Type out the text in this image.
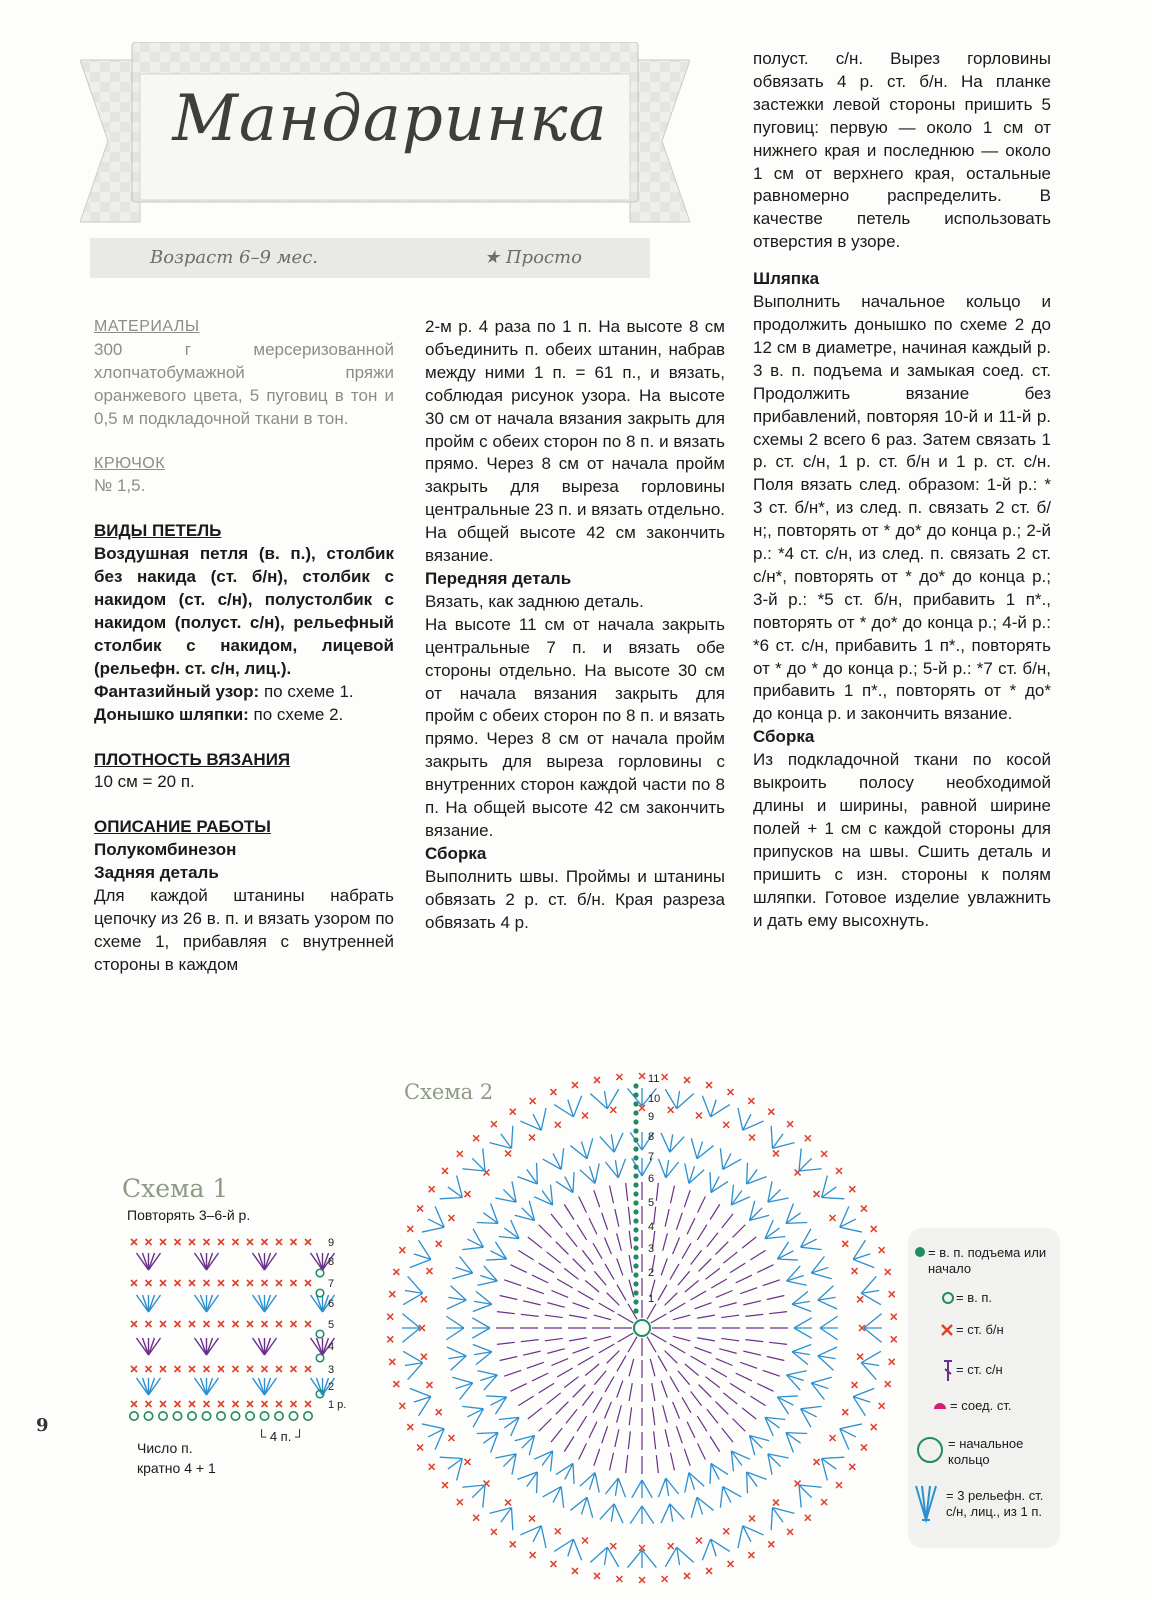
Мандаринка
Возраст 6–9 мес.	★ Просто

МАТЕРИАЛЫ

300 г мерсеризованной хлопчатобумажной пряжи оранжевого цвета, 5 пуговиц в тон и 0,5 м подкладочной ткани в тон.

КРЮЧОК

№ 1,5.

ВИДЫ ПЕТЕЛЬ

Воздушная петля (в. п.), столбик без накида (ст. б/н), столбик с накидом (ст. с/н), полустолбик с накидом (полуст. с/н), рельефный столбик с накидом, лицевой (рельефн. ст. с/н, лиц.).

Фантазийный узор: по схеме 1.

Донышко шляпки: по схеме 2.

ПЛОТНОСТЬ ВЯЗАНИЯ

10 см = 20 п.

ОПИСАНИЕ РАБОТЫ

Полукомбинезон

Задняя деталь

Для каждой штанины набрать цепочку из 26 в. п. и вязать узором по схеме 1, прибавляя с внутренней стороны в каждом

2-м р. 4 раза по 1 п. На высоте 8 см объединить п. обеих штанин, набрав между ними 1 п. = 61 п., и вязать, соблюдая рисунок узора. На высоте 30 см от начала вязания закрыть для пройм с обеих сторон по 8 п. и вязать прямо. Через 8 см от начала пройм закрыть для выреза горловины центральные 23 п. и вязать отдельно. На общей высоте 42 см закончить вязание.

Передняя деталь

Вязать, как заднюю деталь.

На высоте 11 см от начала закрыть центральные 7 п. и вязать обе стороны отдельно. На высоте 30 см от начала вязания закрыть для пройм с обеих сторон по 8 п. и вязать прямо. Через 8 см от начала пройм закрыть для выреза горловины с внутренних сторон каждой части по 8 п. На общей высоте 42 см закончить вязание.

Сборка

Выполнить швы. Проймы и штанины обвязать 2 р. ст. б/н. Края разреза обвязать 4 р.

полуст. с/н. Вырез горловины обвязать 4 р. ст. б/н. На планке застежки левой стороны пришить 5 пуговиц: первую — около 1 см от нижнего края и последнюю — около 1 см от верхнего края, остальные равномерно распределить. В качестве петель использовать отверстия в узоре.

Шляпка

Выполнить начальное кольцо и продолжить донышко по схеме 2 до 12 см в диаметре, начиная каждый р. 3 в. п. подъема и замыкая соед. ст. Продолжить вязание без прибавлений, повторяя 10-й и 11-й р. схемы 2 всего 6 раз. Затем связать 1 р. ст. с/н, 1 р. ст. б/н и 1 р. ст. с/н. Поля вязать след. образом: 1-й р.: * 3 ст. б/н*, из след. п. связать 2 ст. б/н;, повторять от * до* до конца р.; 2-й р.: *4 ст. с/н, из след. п. связать 2 ст. с/н*, повторять от * до* до конца р.; 3-й р.: *5 ст. б/н, прибавить 1 п*., повторять от * до* до конца р.; 4-й р.: *6 ст. с/н, прибавить 1 п*., повторять от * до * до конца р.; 5-й р.: *7 ст. б/н, прибавить 1 п*., повторять от * до* до конца р. и закончить вязание.

Сборка

Из подкладочной ткани по косой выкроить полосу необходимой длины и ширины, равной ширине полей + 1 см с каждой стороны для припусков на швы. Сшить деталь и пришить с изн. стороны к полям шляпки. Готовое изделие увлажнить и дать ему высохнуть.

Схема 1
Схема 2
Повторять 3–6-й р.
9
8
7
6
5
4
3
2
1 р.
└ 4 п. ┘
Число п.
кратно 4 + 1
11
10
9
8
7
6
5
4
3
2
1
= в. п. подъема или начало
= в. п.
= ст. б/н
= ст. с/н
= соед. ст.
= начальное кольцо
= 3 рельефн. ст. с/н, лиц., из 1 п.
9
